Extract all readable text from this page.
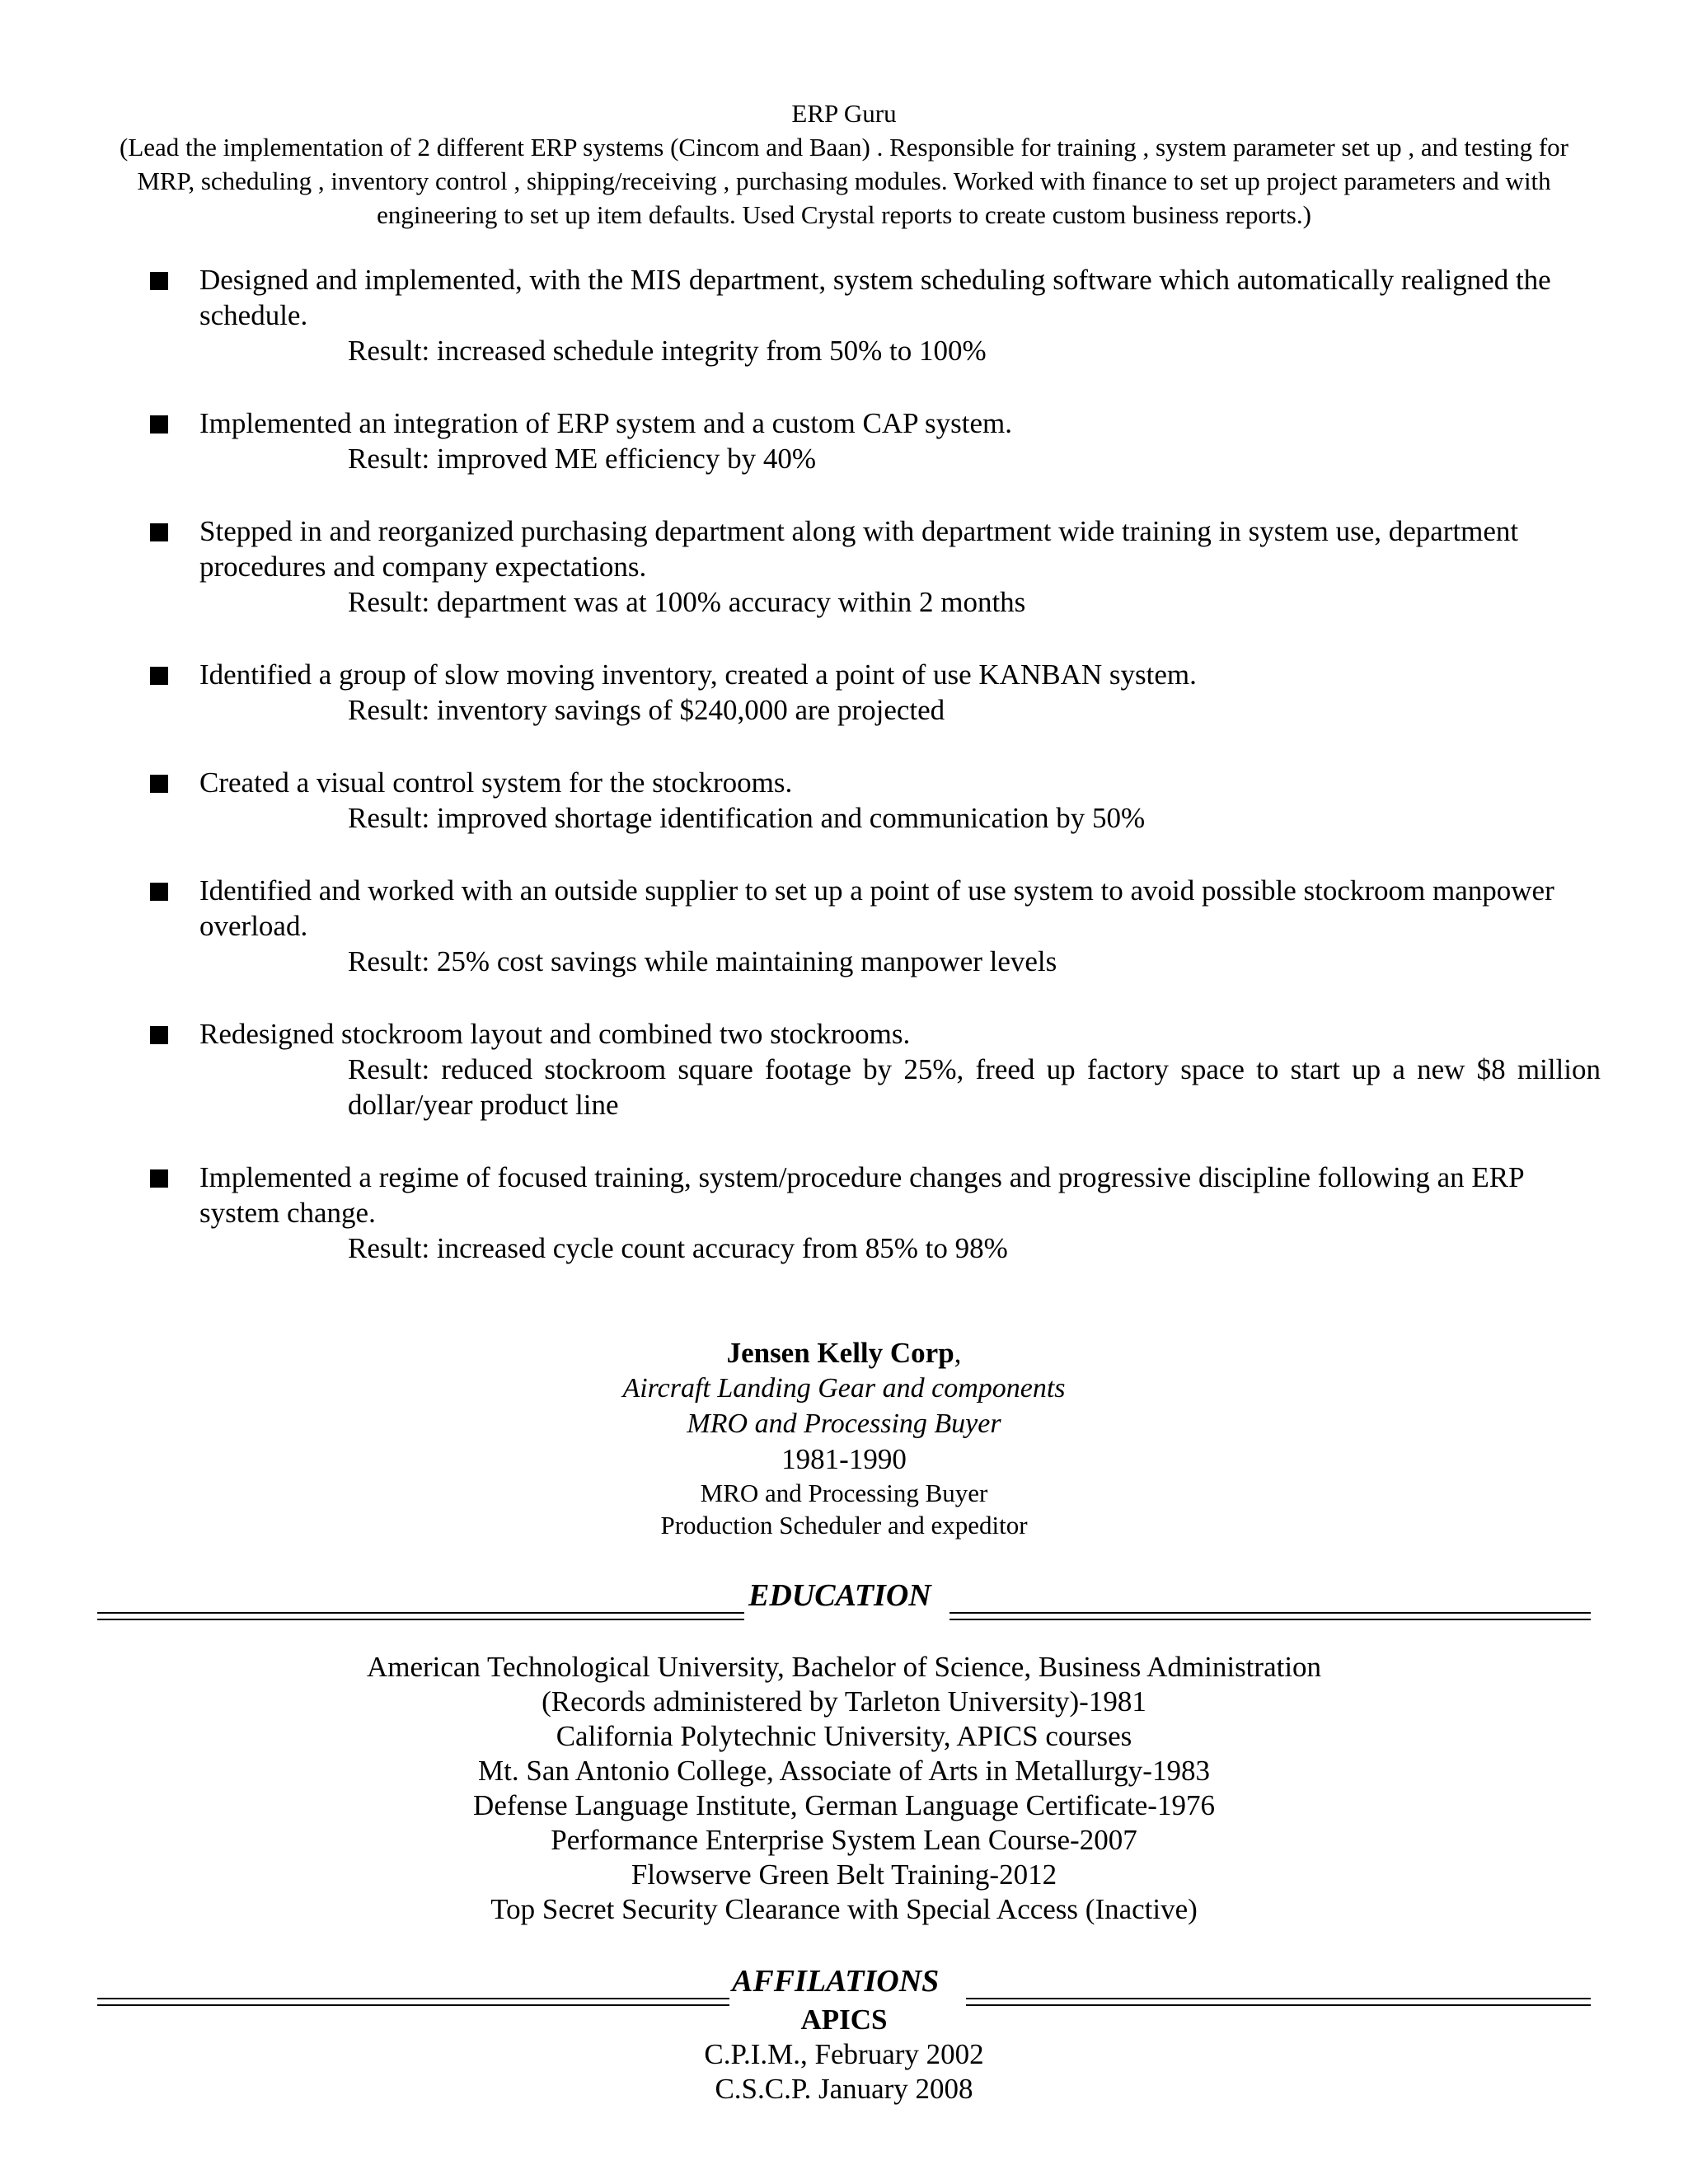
ERP Guru
(Lead the implementation of 2 different ERP systems (Cincom and Baan) . Responsible for training , system parameter set up , and testing for MRP, scheduling , inventory control , shipping/receiving , purchasing modules. Worked with finance to set up project parameters and with engineering to set up item defaults. Used Crystal reports to create custom business reports.)
Designed and implemented, with the MIS department, system scheduling software which automatically realigned the schedule.
Result: increased schedule integrity from 50% to 100%
Implemented an integration of ERP system and a custom CAP system.
Result: improved ME efficiency by 40%
Stepped in and reorganized purchasing department along with department wide training in system use, department procedures and company expectations.
Result: department was at 100% accuracy within 2 months
Identified a group of slow moving inventory, created a point of use KANBAN system.
Result: inventory savings of $240,000 are projected
Created a visual control system for the stockrooms.
Result: improved shortage identification and communication by 50%
Identified and worked with an outside supplier to set up a point of use system to avoid possible stockroom manpower overload.
Result: 25% cost savings while maintaining manpower levels
Redesigned stockroom layout and combined two stockrooms.
Result: reduced stockroom square footage by 25%, freed up factory space to start up a new $8 million dollar/year product line
Implemented a regime of focused training, system/procedure changes and progressive discipline following an ERP system change.
Result: increased cycle count accuracy from 85% to 98%
Jensen Kelly Corp,
Aircraft Landing Gear and components
MRO and Processing Buyer
1981-1990
MRO and Processing Buyer
Production Scheduler and expeditor
EDUCATION
American Technological University, Bachelor of Science, Business Administration
(Records administered by Tarleton University)-1981
California Polytechnic University, APICS courses
Mt. San Antonio College, Associate of Arts in Metallurgy-1983
Defense Language Institute, German Language Certificate-1976
Performance Enterprise System Lean Course-2007
Flowserve Green Belt Training-2012
Top Secret Security Clearance with Special Access (Inactive)
AFFILATIONS
APICS
C.P.I.M., February 2002
C.S.C.P. January 2008
